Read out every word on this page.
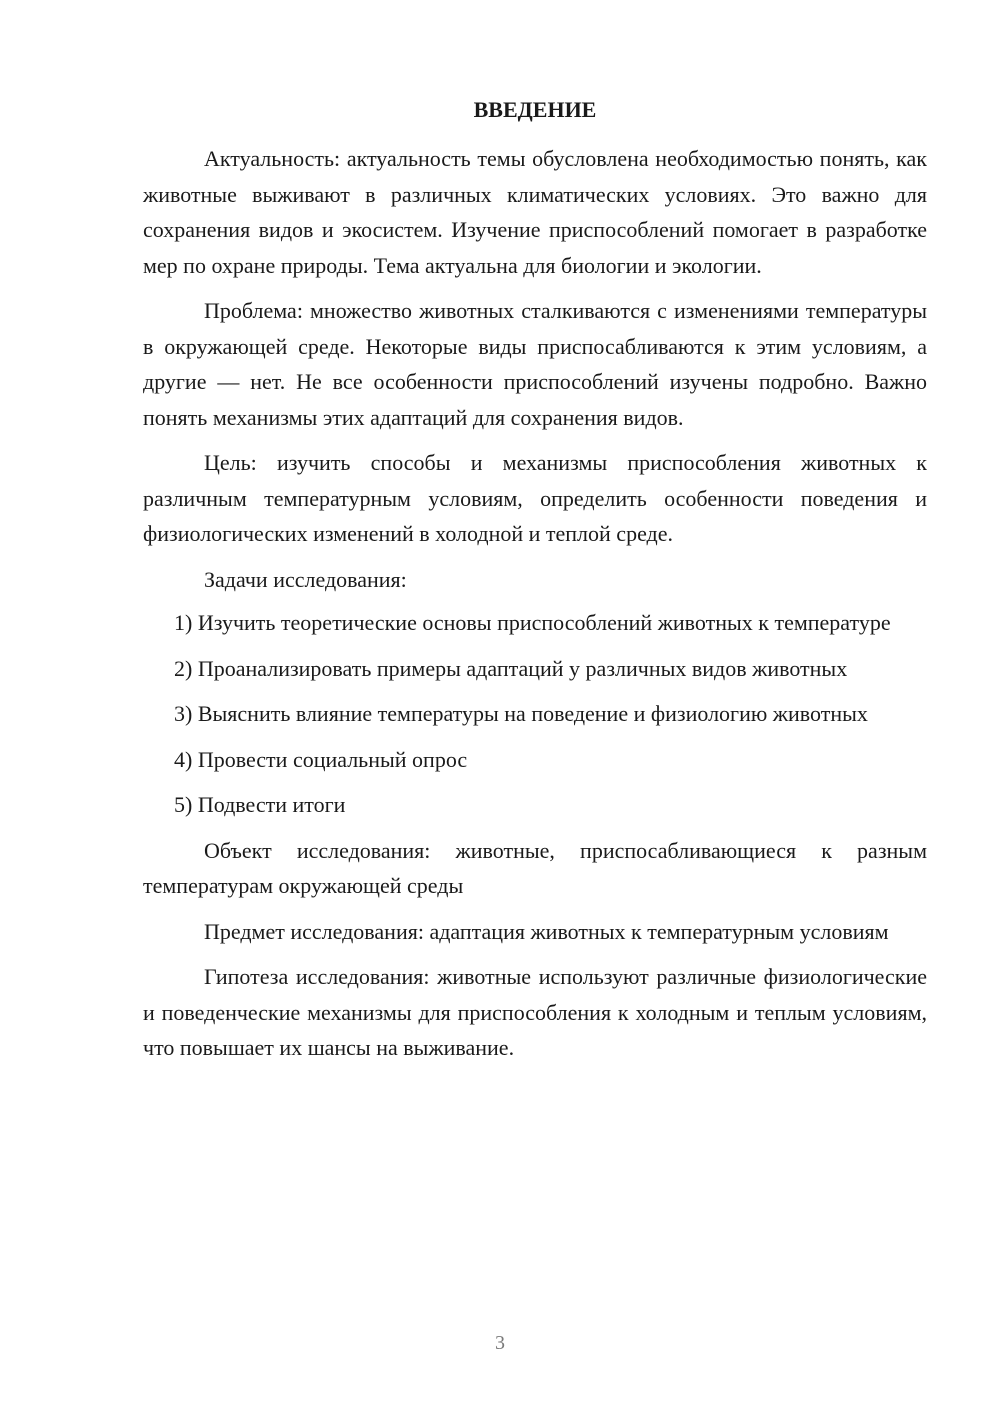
ВВЕДЕНИЕ

Актуальность: актуальность темы обусловлена необходимостью понять, как животные выживают в различных климатических условиях. Это важно для сохранения видов и экосистем. Изучение приспособлений помогает в разработке мер по охране природы. Тема актуальна для биологии и экологии.

Проблема: множество животных сталкиваются с изменениями температуры в окружающей среде. Некоторые виды приспосабливаются к этим условиям, а другие — нет. Не все особенности приспособлений изучены подробно. Важно понять механизмы этих адаптаций для сохранения видов.

Цель: изучить способы и механизмы приспособления животных к различным температурным условиям, определить особенности поведения и физиологических изменений в холодной и теплой среде.

Задачи исследования:

1) Изучить теоретические основы приспособлений животных к температуре

2) Проанализировать примеры адаптаций у различных видов животных

3) Выяснить влияние температуры на поведение и физиологию животных

4) Провести социальный опрос

5) Подвести итоги

Объект исследования: животные, приспосабливающиеся к разным температурам окружающей среды

Предмет исследования: адаптация животных к температурным условиям

Гипотеза исследования: животные используют различные физиологические и поведенческие механизмы для приспособления к холодным и теплым условиям, что повышает их шансы на выживание.

3
